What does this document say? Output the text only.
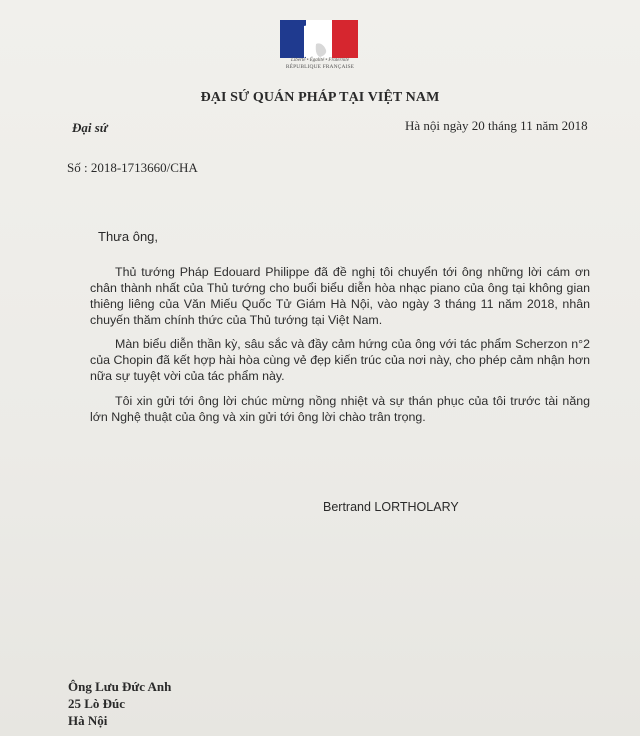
Liberté • Égalité • Fraternité
RÉPUBLIQUE FRANÇAISE
ĐẠI SỨ QUÁN PHÁP TẠI VIỆT NAM
Đại sứ	Hà nội ngày 20 tháng 11 năm 2018
Số : 2018-1713660/CHA
Thưa ông,
Thủ tướng Pháp Edouard Philippe đã đề nghị tôi chuyển tới ông những lời cám ơn chân thành nhất của Thủ tướng cho buổi biểu diễn hòa nhạc piano của ông tại không gian thiêng liêng của Văn Miếu Quốc Tử Giám Hà Nội, vào ngày 3 tháng 11 năm 2018, nhân chuyến thăm chính thức của Thủ tướng tại Việt Nam.
Màn biểu diễn thần kỳ, sâu sắc và đầy cảm hứng của ông với tác phẩm Scherzon n°2 của Chopin đã kết hợp hài hòa cùng vẻ đẹp kiến trúc của nơi này, cho phép cảm nhận hơn nữa sự tuyệt vời của tác phẩm này.
Tôi xin gửi tới ông lời chúc mừng nồng nhiệt và sự thán phục của tôi trước tài năng lớn Nghệ thuật của ông và xin gửi tới ông lời chào trân trọng.
Bertrand LORTHOLARY
Ông Lưu Đức Anh
25 Lò Đúc
Hà Nội
